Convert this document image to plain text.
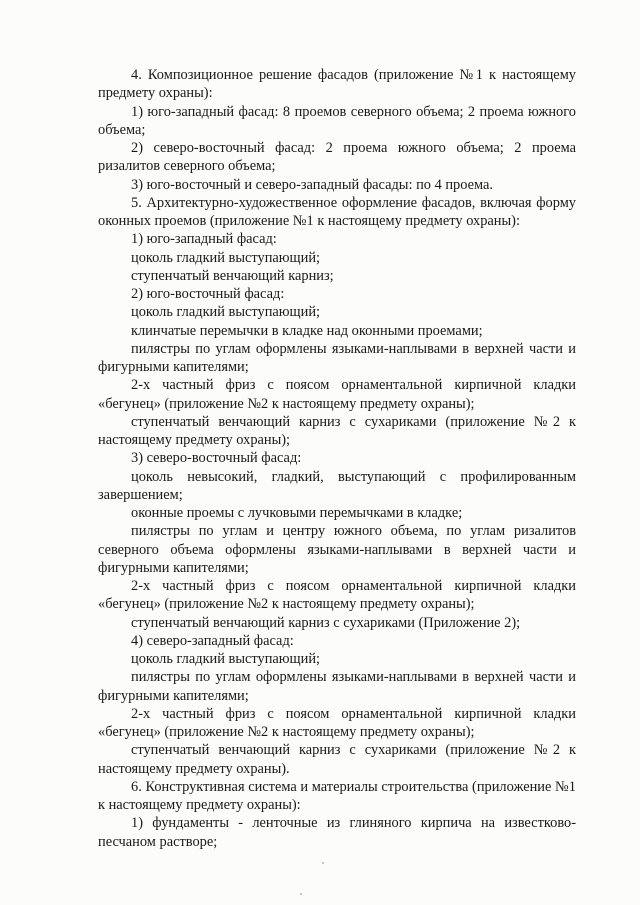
4. Композиционное решение фасадов (приложение №1 к настоящему предмету охраны):

1) юго-западный фасад: 8 проемов северного объема; 2 проема южного объема;

2) северо-восточный фасад: 2 проема южного объема; 2 проема ризалитов северного объема;

3) юго-восточный и северо-западный фасады: по 4 проема.

5. Архитектурно-художественное оформление фасадов, включая форму оконных проемов (приложение №1 к настоящему предмету охраны):

1) юго-западный фасад:

цоколь гладкий выступающий;

ступенчатый венчающий карниз;

2) юго-восточный фасад:

цоколь гладкий выступающий;

клинчатые перемычки в кладке над оконными проемами;

пилястры по углам оформлены языками-наплывами в верхней части и фигурными капителями;

2-х частный фриз с поясом орнаментальной кирпичной кладки «бегунец» (приложение №2 к настоящему предмету охраны);

ступенчатый венчающий карниз с сухариками (приложение №2 к настоящему предмету охраны);

3) северо-восточный фасад:

цоколь невысокий, гладкий, выступающий с профилированным завершением;

оконные проемы с лучковыми перемычками в кладке;

пилястры по углам и центру южного объема, по углам ризалитов северного объема оформлены языками-наплывами в верхней части и фигурными капителями;

2-х частный фриз с поясом орнаментальной кирпичной кладки «бегунец» (приложение №2 к настоящему предмету охраны);

ступенчатый венчающий карниз с сухариками (Приложение 2);

4) северо-западный фасад:

цоколь гладкий выступающий;

пилястры по углам оформлены языками-наплывами в верхней части и фигурными капителями;

2-х частный фриз с поясом орнаментальной кирпичной кладки «бегунец» (приложение №2 к настоящему предмету охраны);

ступенчатый венчающий карниз с сухариками (приложение №2 к настоящему предмету охраны).

6. Конструктивная система и материалы строительства (приложение №1 к настоящему предмету охраны):

1) фундаменты - ленточные из глиняного кирпича на известково-песчаном растворе;
